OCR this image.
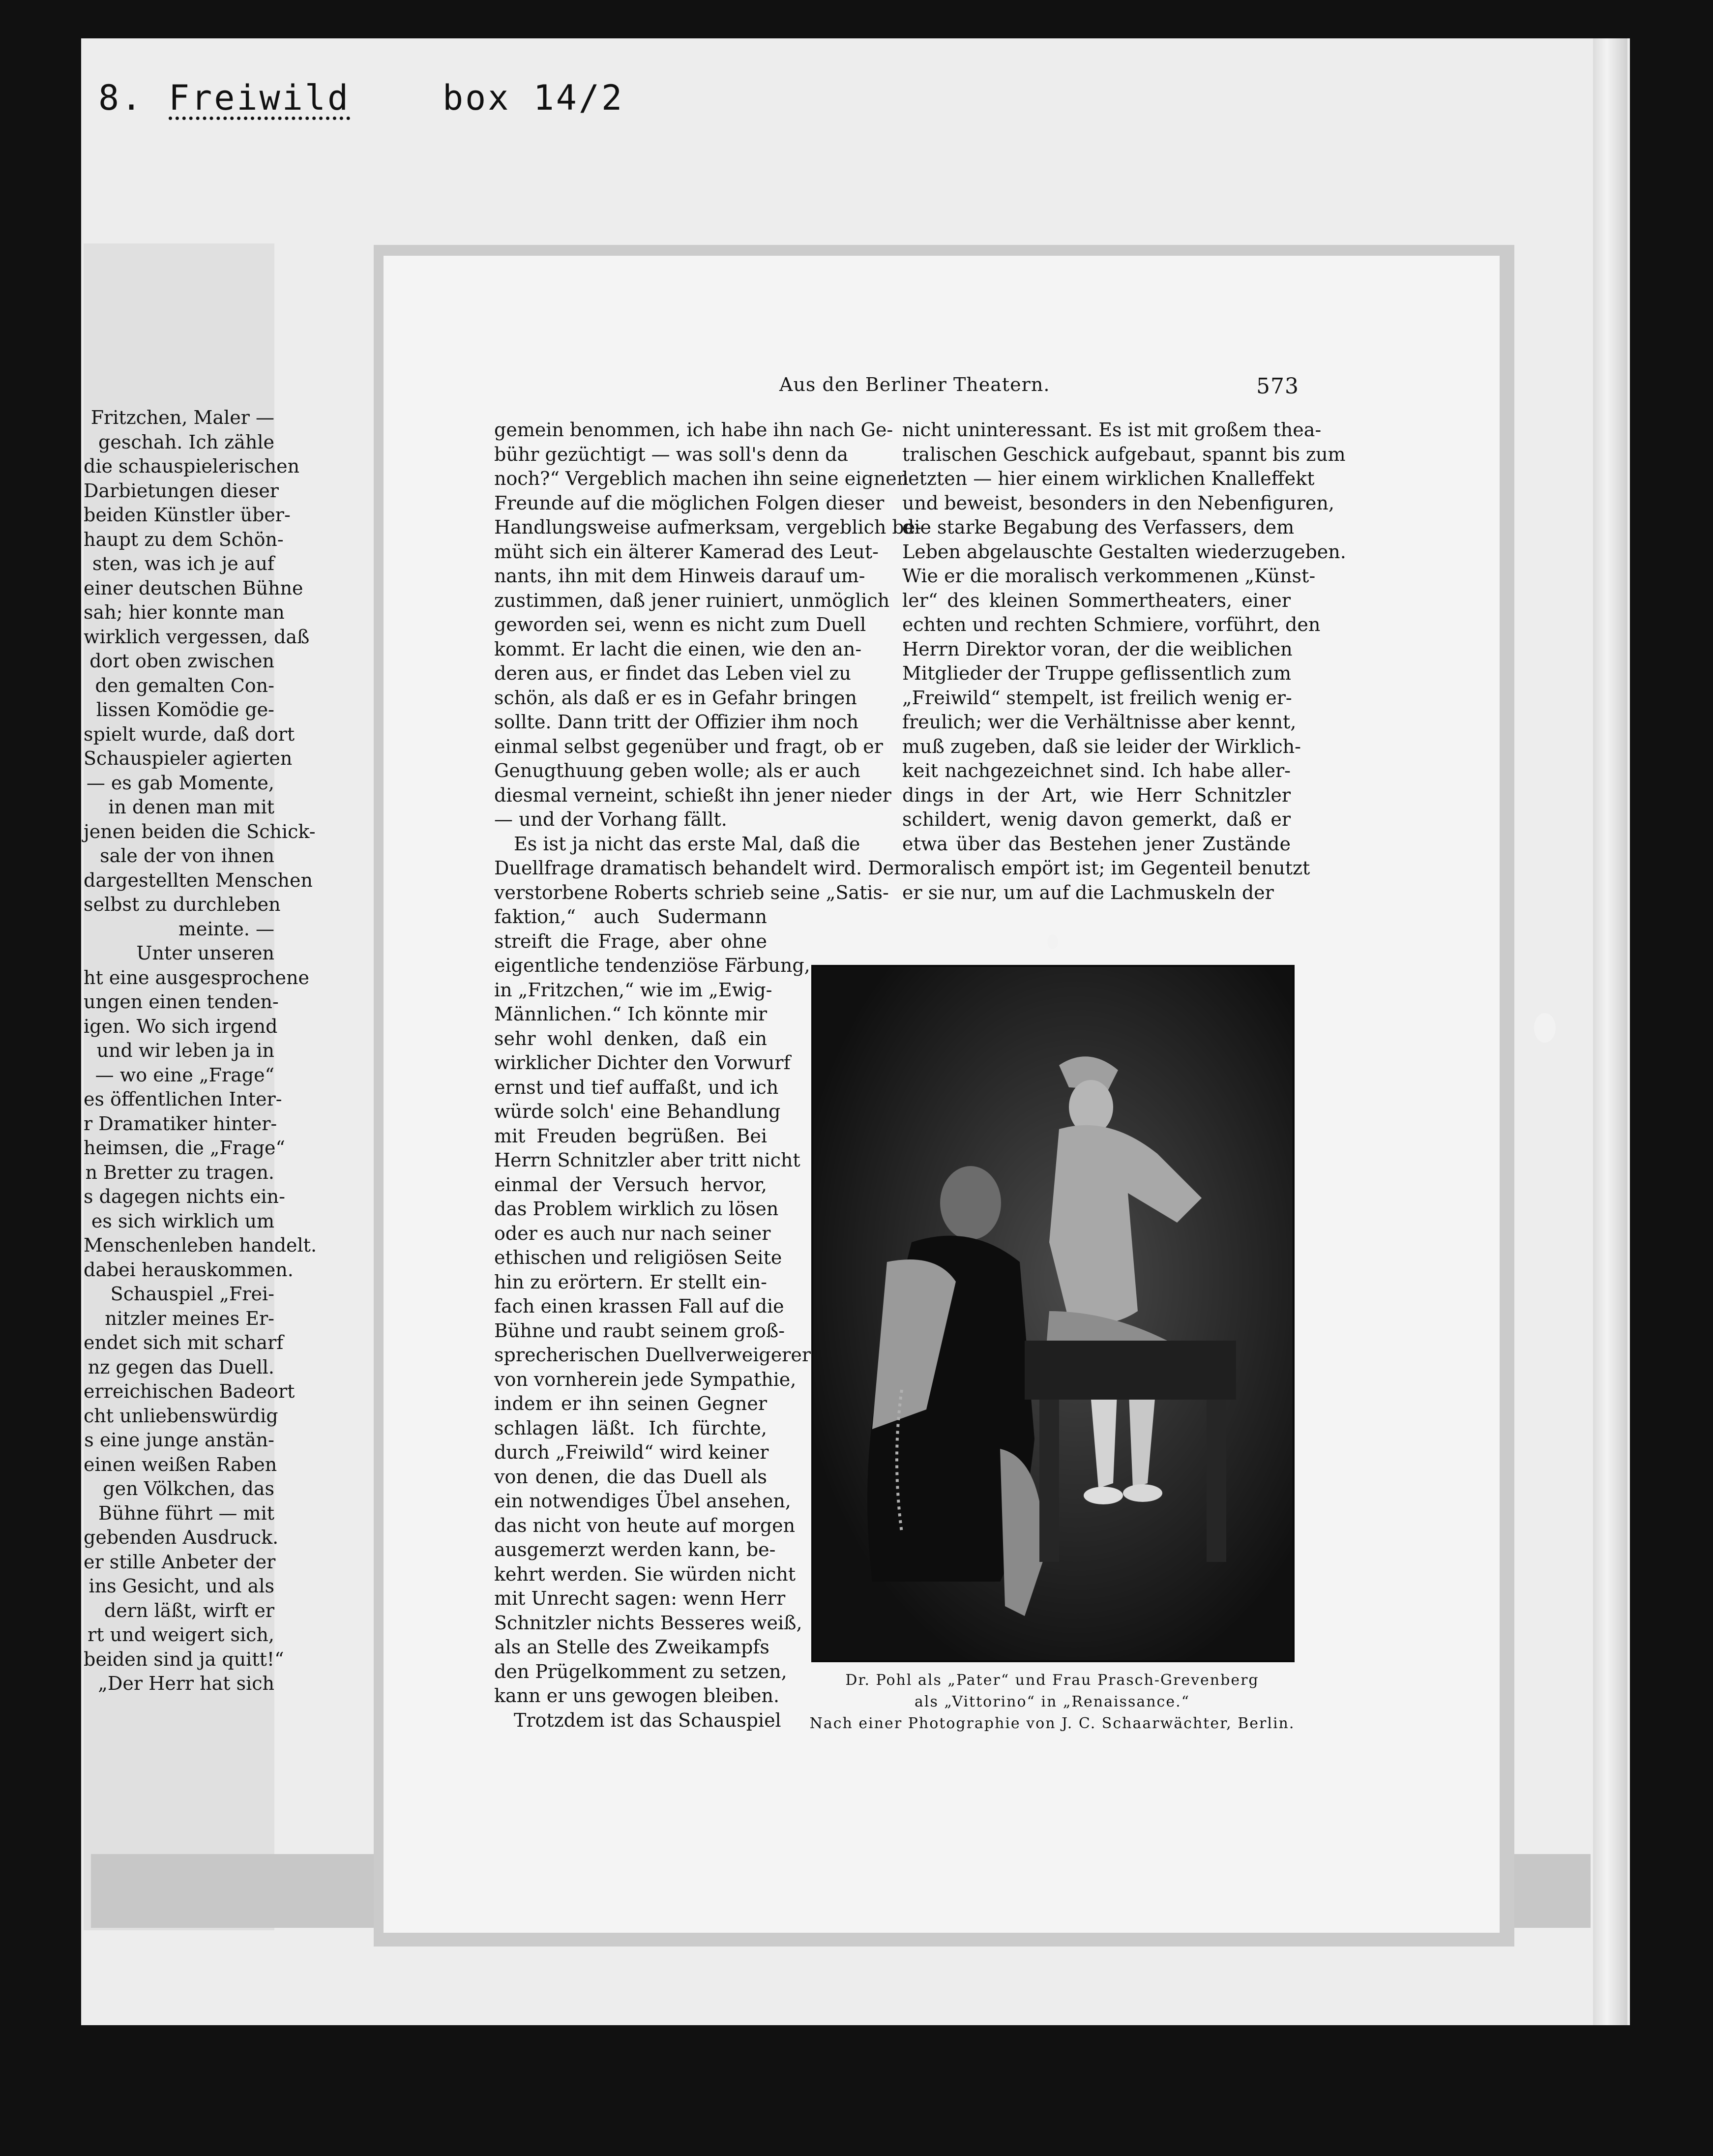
8. Freiwild	box 14/2
Fritzchen, Maler —
geschah. Ich zähle
die schauspielerischen
Darbietungen dieser
beiden Künstler über-
haupt zu dem Schön-
sten, was ich je auf
einer deutschen Bühne
sah; hier konnte man
wirklich vergessen, daß
dort oben zwischen
den gemalten Con-
lissen Komödie ge-
spielt wurde, daß dort
Schauspieler agierten
— es gab Momente,
in denen man mit
jenen beiden die Schick-
sale der von ihnen
dargestellten Menschen
selbst zu durchleben
meinte. —
Unter unseren
ht eine ausgesprochene
ungen einen tenden-
igen. Wo sich irgend
und wir leben ja in
— wo eine „Frage“
es öffentlichen Inter-
r Dramatiker hinter-
heimsen, die „Frage“
n Bretter zu tragen.
s dagegen nichts ein-
es sich wirklich um
Menschenleben handelt.
dabei herauskommen.
Schauspiel „Frei-
nitzler meines Er-
endet sich mit scharf
nz gegen das Duell.
erreichischen Badeort
cht unliebenswürdig
s eine junge anstän-
einen weißen Raben
gen Völkchen, das
Bühne führt — mit
gebenden Ausdruck.
er stille Anbeter der
ins Gesicht, und als
dern läßt, wirft er
rt und weigert sich,
beiden sind ja quitt!“
„Der Herr hat sich
Aus den Berliner Theatern.	573
gemein benommen, ich habe ihn nach Ge-
bühr gezüchtigt — was soll's denn da
noch?“ Vergeblich machen ihn seine eignen
Freunde auf die möglichen Folgen dieser
Handlungsweise aufmerksam, vergeblich be-
müht sich ein älterer Kamerad des Leut-
nants, ihn mit dem Hinweis darauf um-
zustimmen, daß jener ruiniert, unmöglich
geworden sei, wenn es nicht zum Duell
kommt. Er lacht die einen, wie den an-
deren aus, er findet das Leben viel zu
schön, als daß er es in Gefahr bringen
sollte. Dann tritt der Offizier ihm noch
einmal selbst gegenüber und fragt, ob er
Genugthuung geben wolle; als er auch
diesmal verneint, schießt ihn jener nieder
— und der Vorhang fällt.
Es ist ja nicht das erste Mal, daß die
Duellfrage dramatisch behandelt wird. Der
verstorbene Roberts schrieb seine „Satis-
faktion,“ auch Sudermann
streift die Frage, aber ohne
eigentliche tendenziöse Färbung,
in „Fritzchen,“ wie im „Ewig-
Männlichen.“ Ich könnte mir
sehr wohl denken, daß ein
wirklicher Dichter den Vorwurf
ernst und tief auffaßt, und ich
würde solch' eine Behandlung
mit Freuden begrüßen. Bei
Herrn Schnitzler aber tritt nicht
einmal der Versuch hervor,
das Problem wirklich zu lösen
oder es auch nur nach seiner
ethischen und religiösen Seite
hin zu erörtern. Er stellt ein-
fach einen krassen Fall auf die
Bühne und raubt seinem groß-
sprecherischen Duellverweigerer
von vornherein jede Sympathie,
indem er ihn seinen Gegner
schlagen läßt. Ich fürchte,
durch „Freiwild“ wird keiner
von denen, die das Duell als
ein notwendiges Übel ansehen,
das nicht von heute auf morgen
ausgemerzt werden kann, be-
kehrt werden. Sie würden nicht
mit Unrecht sagen: wenn Herr
Schnitzler nichts Besseres weiß,
als an Stelle des Zweikampfs
den Prügelkomment zu setzen,
kann er uns gewogen bleiben.
Trotzdem ist das Schauspiel
nicht uninteressant. Es ist mit großem thea-
tralischen Geschick aufgebaut, spannt bis zum
letzten — hier einem wirklichen Knalleffekt
und beweist, besonders in den Nebenfiguren,
die starke Begabung des Verfassers, dem
Leben abgelauschte Gestalten wiederzugeben.
Wie er die moralisch verkommenen „Künst-
ler“ des kleinen Sommertheaters, einer
echten und rechten Schmiere, vorführt, den
Herrn Direktor voran, der die weiblichen
Mitglieder der Truppe geflissentlich zum
„Freiwild“ stempelt, ist freilich wenig er-
freulich; wer die Verhältnisse aber kennt,
muß zugeben, daß sie leider der Wirklich-
keit nachgezeichnet sind. Ich habe aller-
dings in der Art, wie Herr Schnitzler
schildert, wenig davon gemerkt, daß er
etwa über das Bestehen jener Zustände
moralisch empört ist; im Gegenteil benutzt
er sie nur, um auf die Lachmuskeln der
Dr. Pohl als „Pater“ und Frau Prasch-Grevenberg
als „Vittorino“ in „Renaissance.“
Nach einer Photographie von J. C. Schaarwächter, Berlin.
